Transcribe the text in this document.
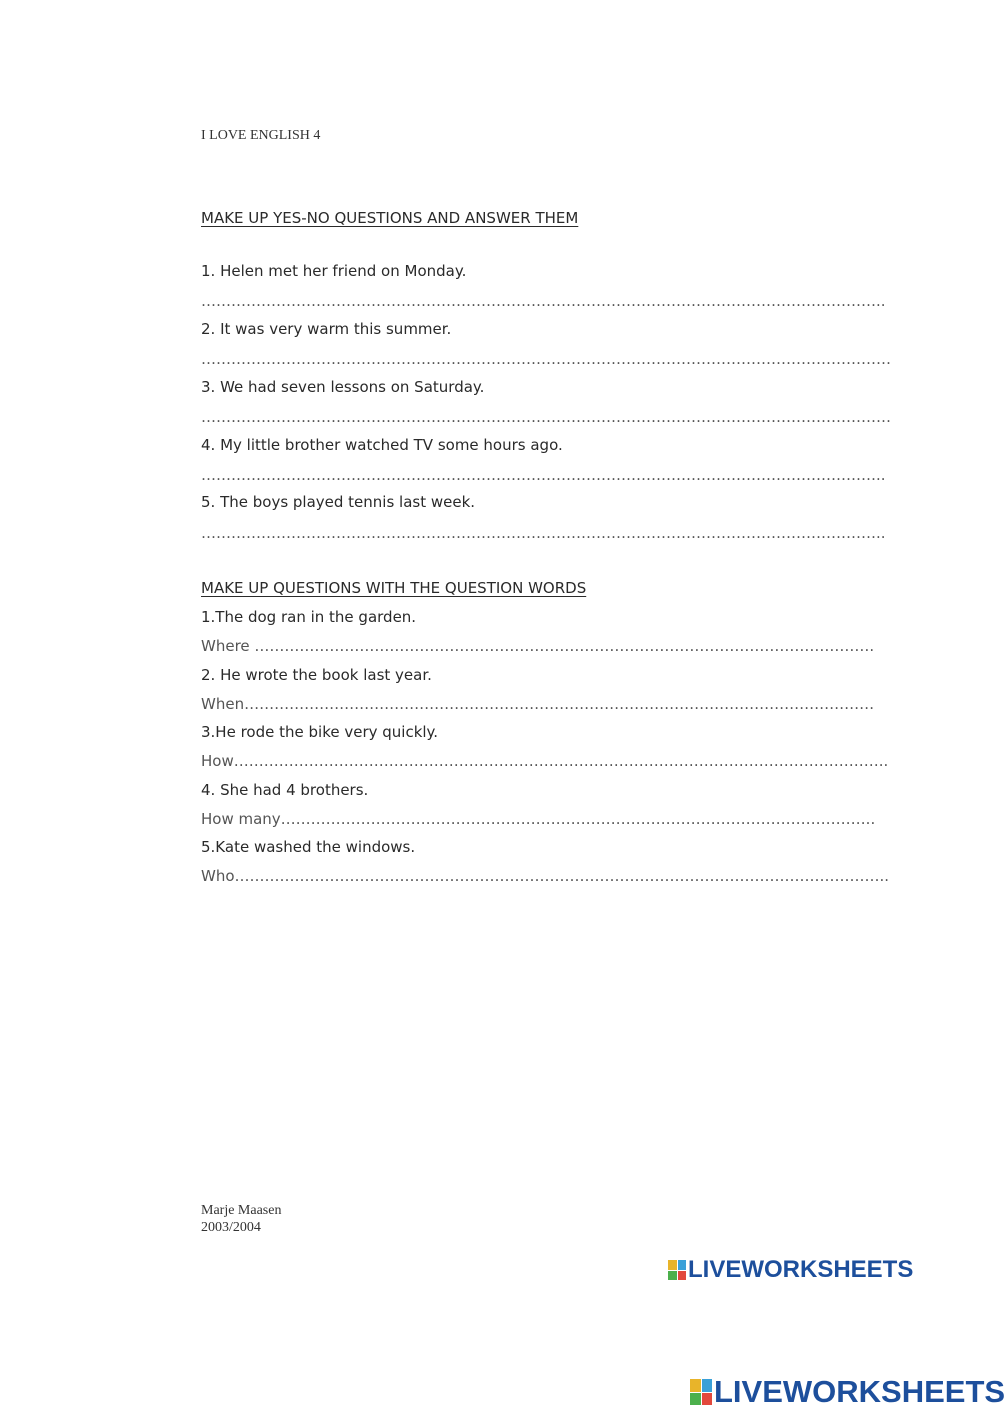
I LOVE ENGLISH 4
MAKE UP YES-NO QUESTIONS AND ANSWER THEM
1. Helen met her friend on Monday.
………………………………………………………………………………………………………………………..
2. It was very warm this summer.
…………………………………………………………………………………………………………………………
3. We had seven lessons on Saturday.
…………………………………………………………………………………………………………………………
4. My little brother watched TV some hours ago.
………………………………………………………………………………………………………………………..
5. The boys played tennis last week.
………………………………………………………………………………………………………………………..
MAKE UP QUESTIONS WITH THE QUESTION WORDS
1.The dog ran in the garden.
Where …………………………………………………………………………………………………………….
2. He wrote the book last year.
When………………………………………………………………………………………………………………
3.He rode the bike very quickly.
How…………………………………………………………………………………………………………………..
4. She had 4 brothers.
How many………………………………………………………………………………………………………..
5.Kate washed the windows.
Who…………………………………………………………………………………………………………………..
Marje Maasen
2003/2004
LIVEWORKSHEETS
LIVEWORKSHEETS
